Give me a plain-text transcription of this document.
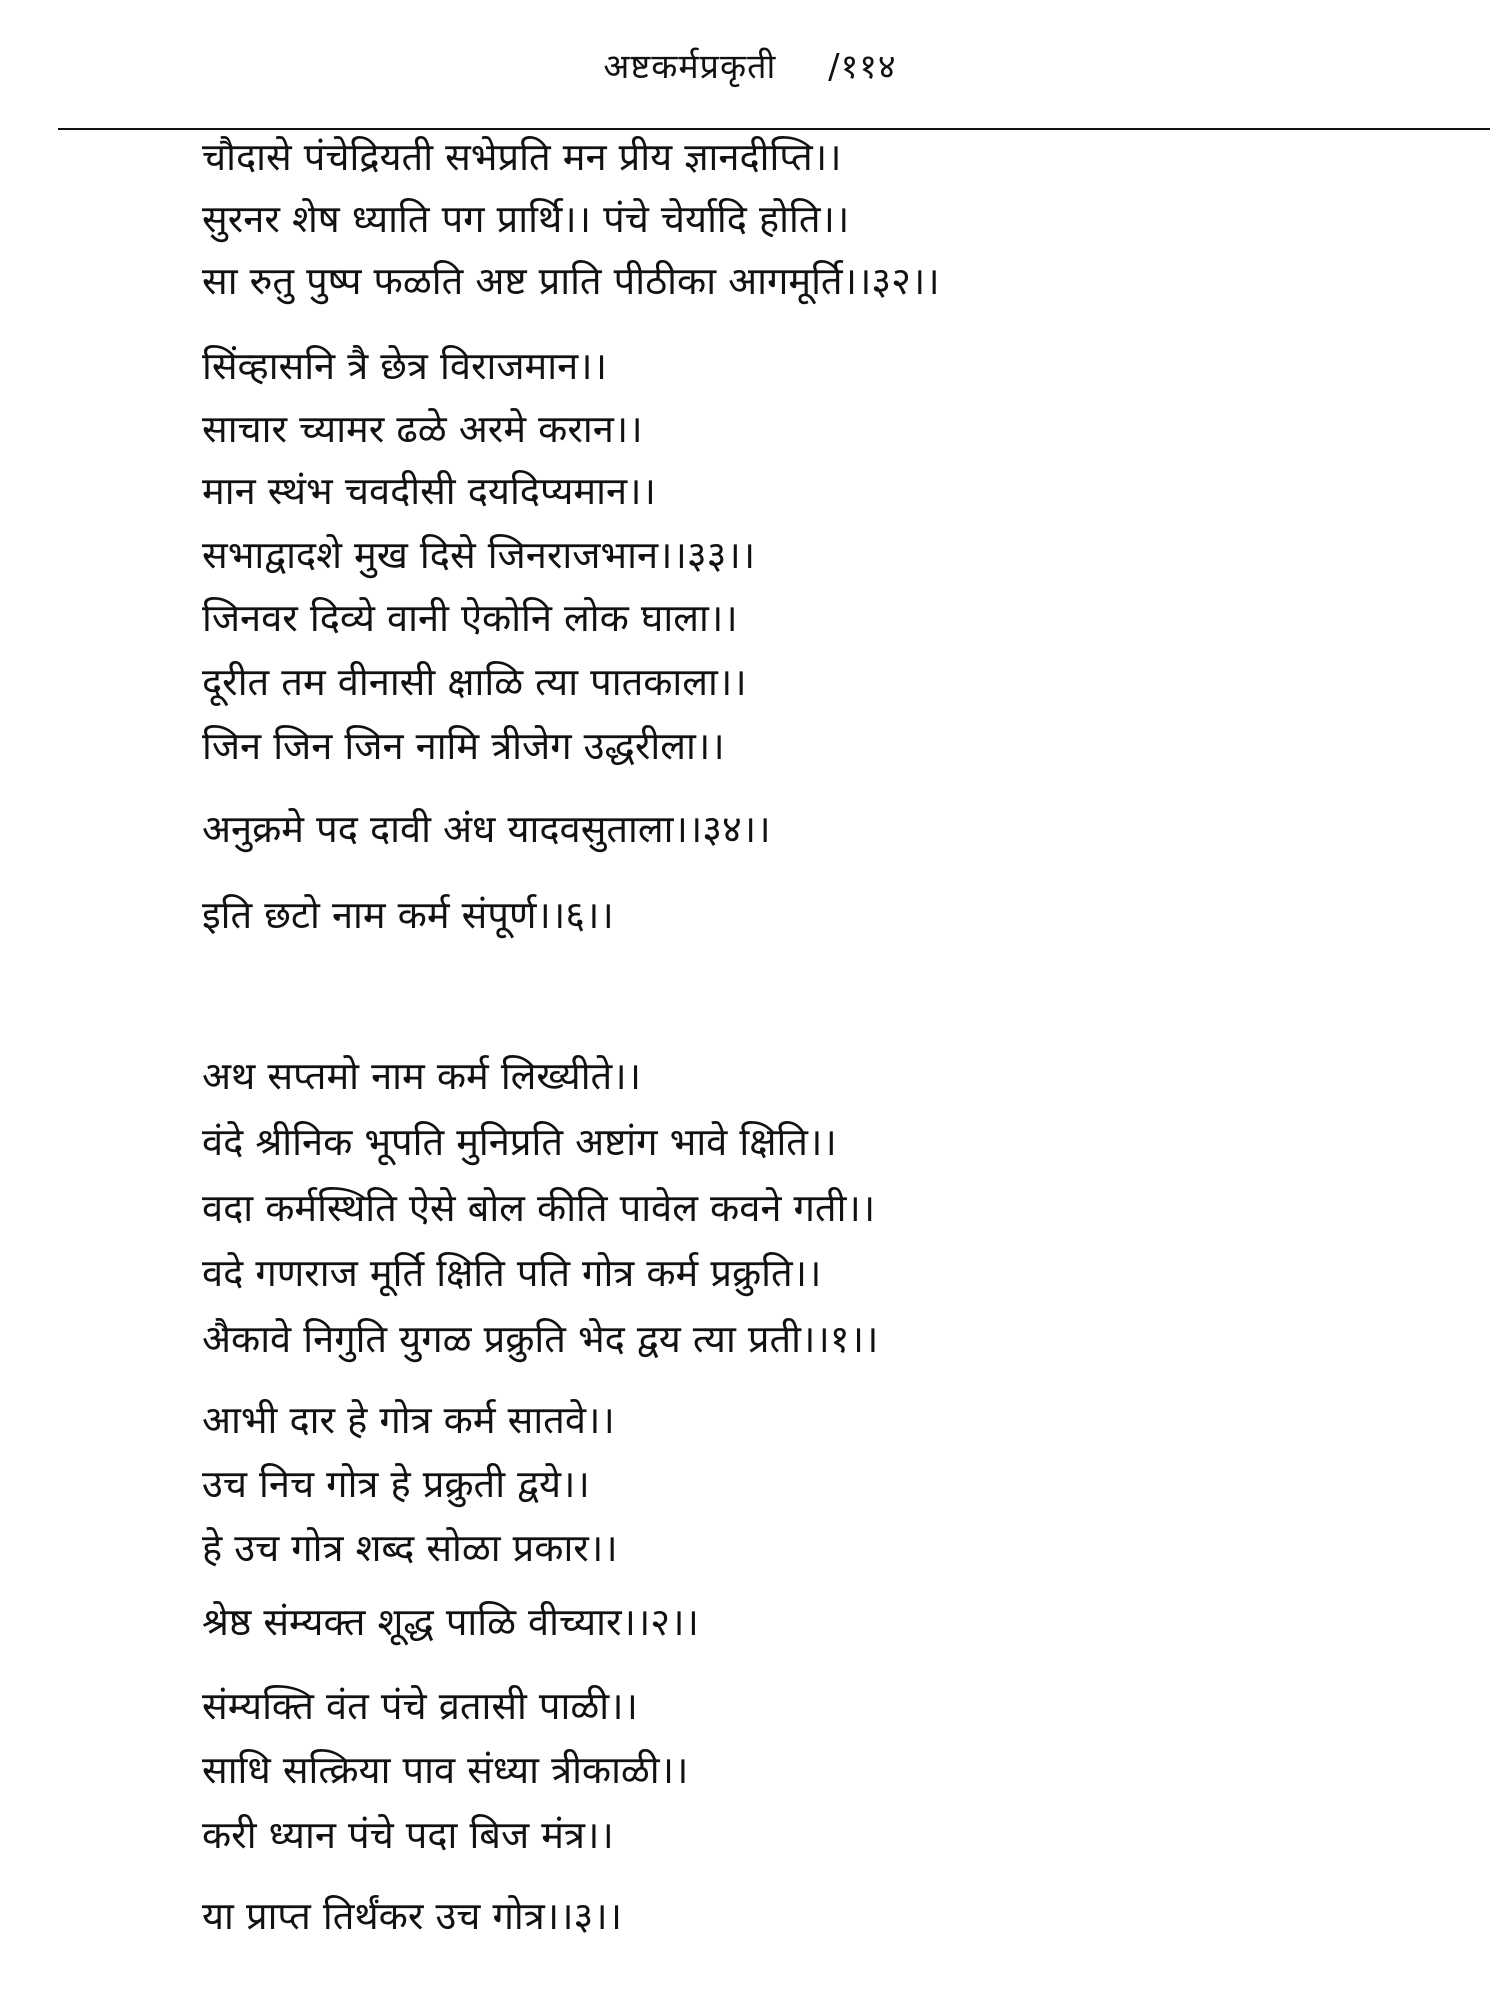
अष्टकर्मप्रकृती /११४
चौदासे पंचेद्रियती सभेप्रति मन प्रीय ज्ञानदीप्ति।।
सुरनर शेष ध्याति पग प्रार्थि।। पंचे चेर्यादि होति।।
सा रुतु पुष्प फळति अष्ट प्राति पीठीका आगमूर्ति।।३२।।
सिंव्हासनि त्रै छेत्र विराजमान।।
साचार च्यामर ढळे अरमे करान।।
मान स्थंभ चवदीसी दयदिप्यमान।।
सभाद्वादशे मुख दिसे जिनराजभान।।३३।।
जिनवर दिव्ये वानी ऐकोनि लोक घाला।।
दूरीत तम वीनासी क्षाळि त्या पातकाला।।
जिन जिन जिन नामि त्रीजेग उद्धरीला।।
अनुक्रमे पद दावी अंध यादवसुताला।।३४।।
इति छटो नाम कर्म संपूर्ण।।६।।
अथ सप्तमो नाम कर्म लिख्यीते।।
वंदे श्रीनिक भूपति मुनिप्रति अष्टांग भावे क्षिति।।
वदा कर्मस्थिति ऐसे बोल कीति पावेल कवने गती।।
वदे गणराज मूर्ति क्षिति पति गोत्र कर्म प्रक्रुति।।
अैकावे निगुति युगळ प्रक्रुति भेद द्वय त्या प्रती।।१।।
आभी दार हे गोत्र कर्म सातवे।।
उच निच गोत्र हे प्रक्रुती द्वये।।
हे उच गोत्र शब्द सोळा प्रकार।।
श्रेष्ठ संम्यक्त शूद्ध पाळि वीच्यार।।२।।
संम्यक्ति वंत पंचे व्रतासी पाळी।।
साधि सत्क्रिया पाव संध्या त्रीकाळी।।
करी ध्यान पंचे पदा बिज मंत्र।।
या प्राप्त तिर्थंकर उच गोत्र।।३।।
